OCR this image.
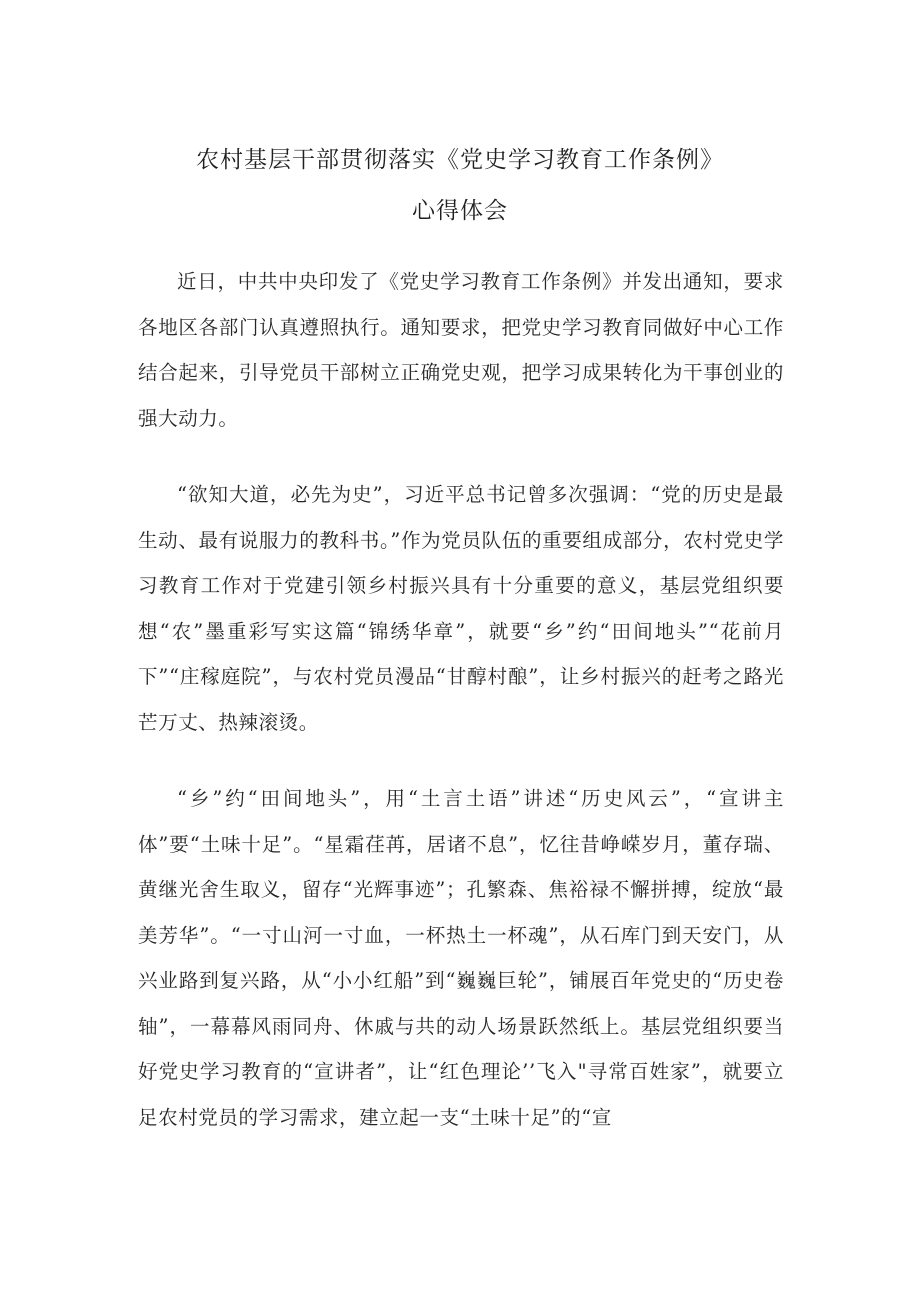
农村基层干部贯彻落实《党史学习教育工作条例》
心得体会

近日，中共中央印发了《党史学习教育工作条例》并发出通知，要求各地区各部门认真遵照执行。通知要求，把党史学习教育同做好中心工作结合起来，引导党员干部树立正确党史观，把学习成果转化为干事创业的强大动力。

“欲知大道，必先为史”，习近平总书记曾多次强调：“党的历史是最生动、最有说服力的教科书。”作为党员队伍的重要组成部分，农村党史学习教育工作对于党建引领乡村振兴具有十分重要的意义，基层党组织要想“农”墨重彩写实这篇“锦绣华章”，就要“乡”约“田间地头”“花前月下”“庄稼庭院”，与农村党员漫品“甘醇村酿”，让乡村振兴的赶考之路光芒万丈、热辣滚烫。

“乡”约“田间地头”，用“土言土语”讲述“历史风云”，“宣讲主体”要“土味十足”。“星霜荏苒，居诸不息”，忆往昔峥嵘岁月，董存瑞、黄继光舍生取义，留存“光辉事迹”；孔繁森、焦裕禄不懈拼搏，绽放“最美芳华”。“一寸山河一寸血，一杯热土一杯魂”，从石库门到天安门，从兴业路到复兴路，从“小小红船”到“巍巍巨轮”，铺展百年党史的“历史卷轴”，一幕幕风雨同舟、休戚与共的动人场景跃然纸上。基层党组织要当好党史学习教育的“宣讲者”，让“红色理论’’飞入"寻常百姓家”，就要立足农村党员的学习需求，建立起一支“土味十足”的“宣
